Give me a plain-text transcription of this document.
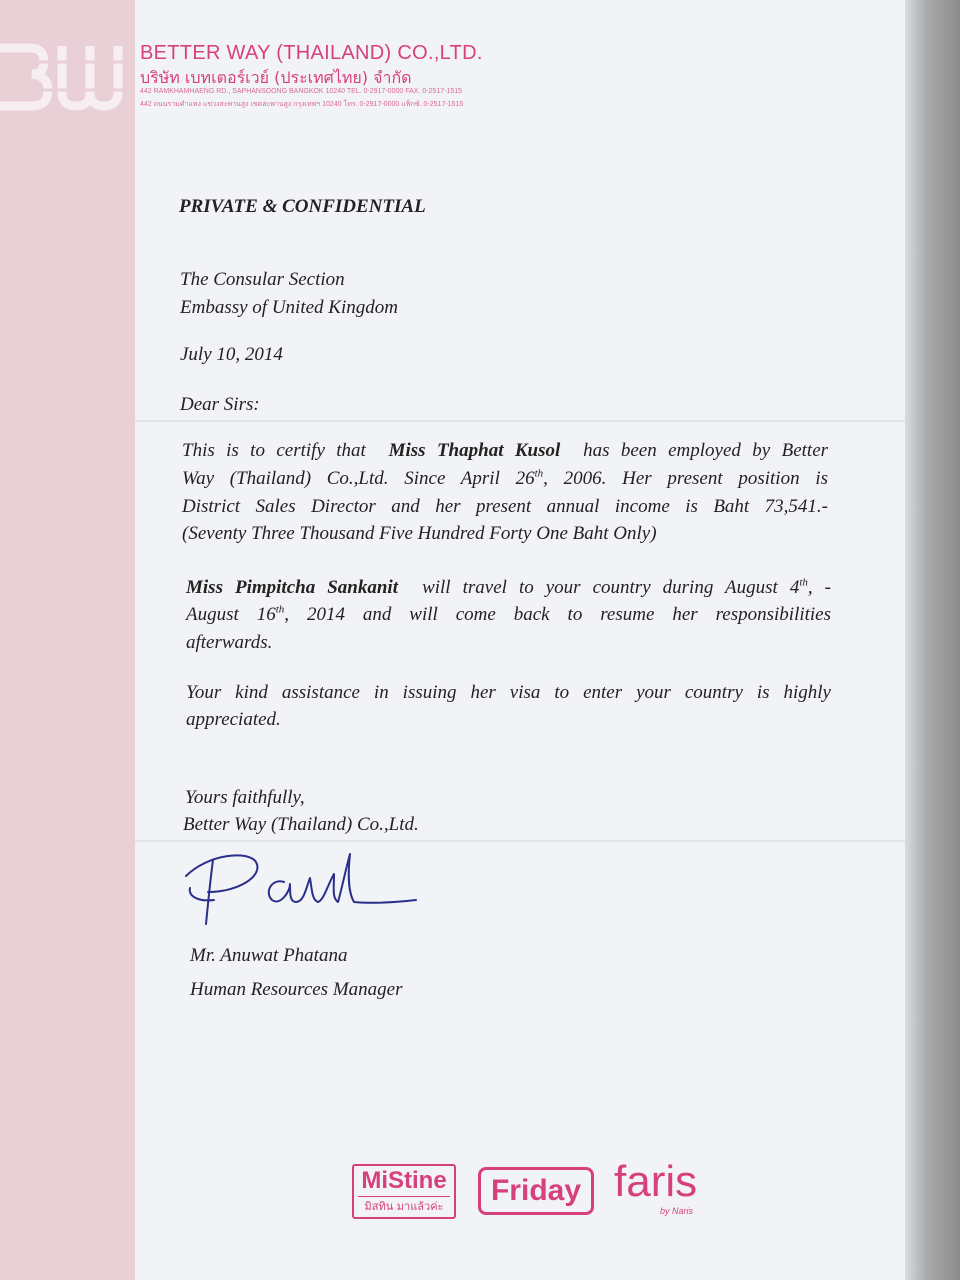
BETTER WAY (THAILAND) CO.,LTD.
บริษัท เบทเตอร์เวย์ (ประเทศไทย) จำกัด
442 RAMKHAMHAENG RD., SAPHANSOONG BANGKOK 10240 TEL. 0-2917-0000 FAX. 0-2517-1515
442 ถนนรามคำแหง แขวงสะพานสูง เขตสะพานสูง กรุงเทพฯ 10240 โทร. 0-2917-0000 แฟ็กซ์. 0-2517-1515
PRIVATE & CONFIDENTIAL
The Consular Section
Embassy of United Kingdom
July 10, 2014
Dear Sirs:
This is to certify that Miss Thaphat Kusol has been employed by Better
Way (Thailand) Co.,Ltd. Since April 26th, 2006. Her present position is
District Sales Director and her present annual income is Baht 73,541.-
(Seventy Three Thousand Five Hundred Forty One Baht Only)
Miss Pimpitcha Sankanit will travel to your country during August 4th, -
August 16th, 2014 and will come back to resume her responsibilities
afterwards.
Your kind assistance in issuing her visa to enter your country is highly
appreciated.
Yours faithfully,
Better Way (Thailand) Co.,Ltd.
Mr. Anuwat Phatana
Human Resources Manager
MiStine
มิสทิน มาแล้วค่ะ	Friday faris
by Naris
